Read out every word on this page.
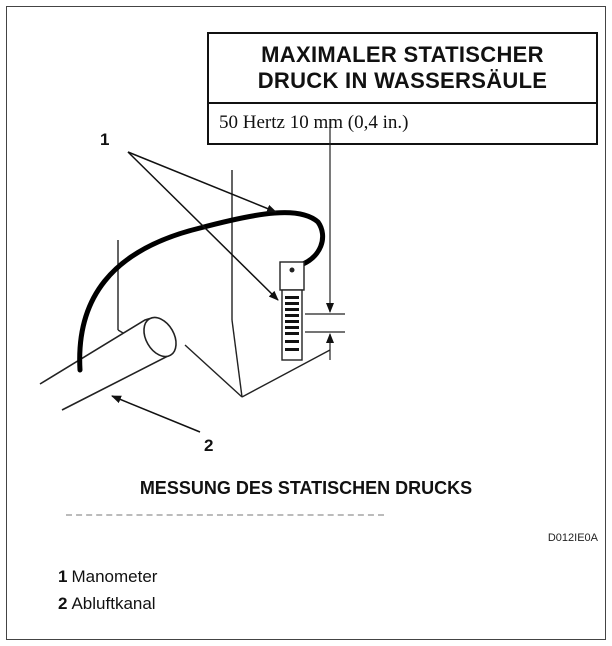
MAXIMALER STATISCHER
DRUCK IN WASSERSÄULE
50 Hertz 10 mm (0,4 in.)
1
2
MESSUNG DES STATISCHEN DRUCKS
D012IE0A
1 Manometer
2 Abluftkanal
